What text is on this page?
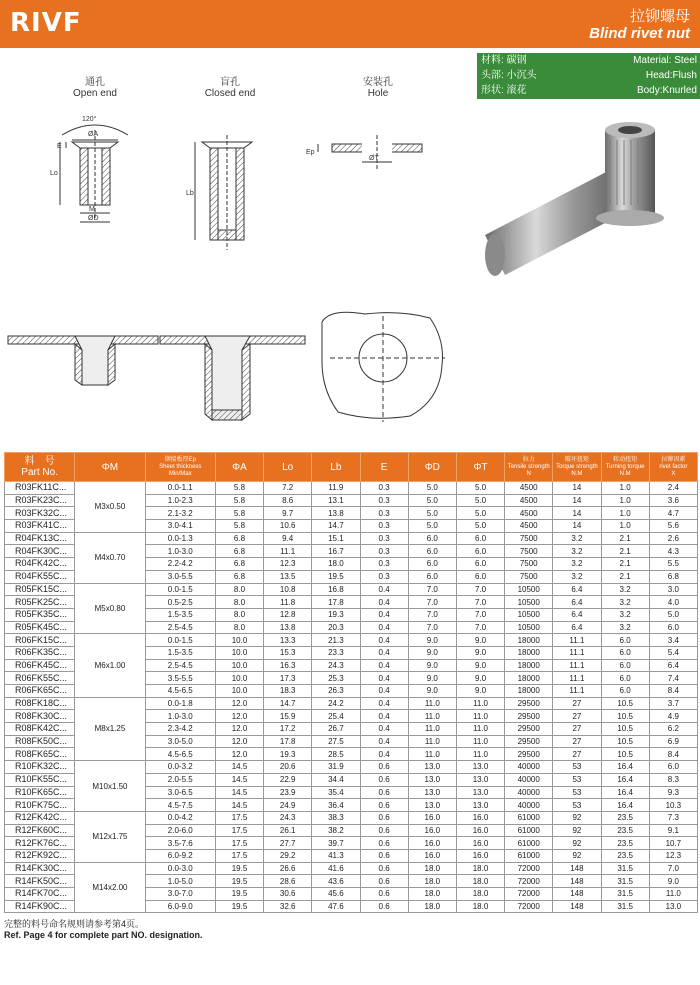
RIVF	拉铆螺母
Blind rivet nut
材料: 碳钢	Material: Steel
头部: 小沉头	Head:Flush
形状: 滚花	Body:Knurled
通孔
Open end
盲孔
Closed end
安装孔
Hole
120°
ØA
Lo
E
M
ØD
Lb
ØT
Ep
料　号
Part No.	ΦM	铆接板厚Ep
Sheet thickness
Min/Max	ΦA	Lo	Lb	E	ΦD	ΦT	拉力
Tensile strength
N	破坏扭矩
Torque strength
N.M	转动扭矩
Turning torque
N.M	拉铆因素
rivet factor
X

R03FK11C...	M3x0.50	0.0-1.1	5.8	7.2	11.9	0.3	5.0	5.0	4500	14	1.0	2.4
R03FK23C...		1.0-2.3	5.8	8.6	13.1	0.3	5.0	5.0	4500	14	1.0	3.6
R03FK32C...		2.1-3.2	5.8	9.7	13.8	0.3	5.0	5.0	4500	14	1.0	4.7
R03FK41C...		3.0-4.1	5.8	10.6	14.7	0.3	5.0	5.0	4500	14	1.0	5.6
R04FK13C...	M4x0.70	0.0-1.3	6.8	9.4	15.1	0.3	6.0	6.0	7500	3.2	2.1	2.6
R04FK30C...		1.0-3.0	6.8	11.1	16.7	0.3	6.0	6.0	7500	3.2	2.1	4.3
R04FK42C...		2.2-4.2	6.8	12.3	18.0	0.3	6.0	6.0	7500	3.2	2.1	5.5
R04FK55C...		3.0-5.5	6.8	13.5	19.5	0.3	6.0	6.0	7500	3.2	2.1	6.8
R05FK15C...	M5x0.80	0.0-1.5	8.0	10.8	16.8	0.4	7.0	7.0	10500	6.4	3.2	3.0
R05FK25C...		0.5-2.5	8.0	11.8	17.8	0.4	7.0	7.0	10500	6.4	3.2	4.0
R05FK35C...		1.5-3.5	8.0	12.8	19.3	0.4	7.0	7.0	10500	6.4	3.2	5.0
R05FK45C...		2.5-4.5	8.0	13.8	20.3	0.4	7.0	7.0	10500	6.4	3.2	6.0
R06FK15C...	M6x1.00	0.0-1.5	10.0	13.3	21.3	0.4	9.0	9.0	18000	11.1	6.0	3.4
R06FK35C...		1.5-3.5	10.0	15.3	23.3	0.4	9.0	9.0	18000	11.1	6.0	5.4
R06FK45C...		2.5-4.5	10.0	16.3	24.3	0.4	9.0	9.0	18000	11.1	6.0	6.4
R06FK55C...		3.5-5.5	10.0	17.3	25.3	0.4	9.0	9.0	18000	11.1	6.0	7.4
R06FK65C...		4.5-6.5	10.0	18.3	26.3	0.4	9.0	9.0	18000	11.1	6.0	8.4
R08FK18C...	M8x1.25	0.0-1.8	12.0	14.7	24.2	0.4	11.0	11.0	29500	27	10.5	3.7
R08FK30C...		1.0-3.0	12.0	15.9	25.4	0.4	11.0	11.0	29500	27	10.5	4.9
R08FK42C...		2.3-4.2	12.0	17.2	26.7	0.4	11.0	11.0	29500	27	10.5	6.2
R08FK50C...		3.0-5.0	12.0	17.8	27.5	0.4	11.0	11.0	29500	27	10.5	6.9
R08FK65C...		4.5-6.5	12.0	19.3	28.5	0.4	11.0	11.0	29500	27	10.5	8.4
R10FK32C...	M10x1.50	0.0-3.2	14.5	20.6	31.9	0.6	13.0	13.0	40000	53	16.4	6.0
R10FK55C...		2.0-5.5	14.5	22.9	34.4	0.6	13.0	13.0	40000	53	16.4	8.3
R10FK65C...		3.0-6.5	14.5	23.9	35.4	0.6	13.0	13.0	40000	53	16.4	9.3
R10FK75C...		4.5-7.5	14.5	24.9	36.4	0.6	13.0	13.0	40000	53	16.4	10.3
R12FK42C...	M12x1.75	0.0-4.2	17.5	24.3	38.3	0.6	16.0	16.0	61000	92	23.5	7.3
R12FK60C...		2.0-6.0	17.5	26.1	38.2	0.6	16.0	16.0	61000	92	23.5	9.1
R12FK76C...		3.5-7.6	17.5	27.7	39.7	0.6	16.0	16.0	61000	92	23.5	10.7
R12FK92C...		6.0-9.2	17.5	29.2	41.3	0.6	16.0	16.0	61000	92	23.5	12.3
R14FK30C...	M14x2.00	0.0-3.0	19.5	26.6	41.6	0.6	18.0	18.0	72000	148	31.5	7.0
R14FK50C...		1.0-5.0	19.5	28.6	43.6	0.6	18.0	18.0	72000	148	31.5	9.0
R14FK70C...		3.0-7.0	19.5	30.6	45.6	0.6	18.0	18.0	72000	148	31.5	11.0
R14FK90C...		6.0-9.0	19.5	32.6	47.6	0.6	18.0	18.0	72000	148	31.5	13.0
完整的料号命名规则请参考第4页。
Ref. Page 4 for complete part NO. designation.
